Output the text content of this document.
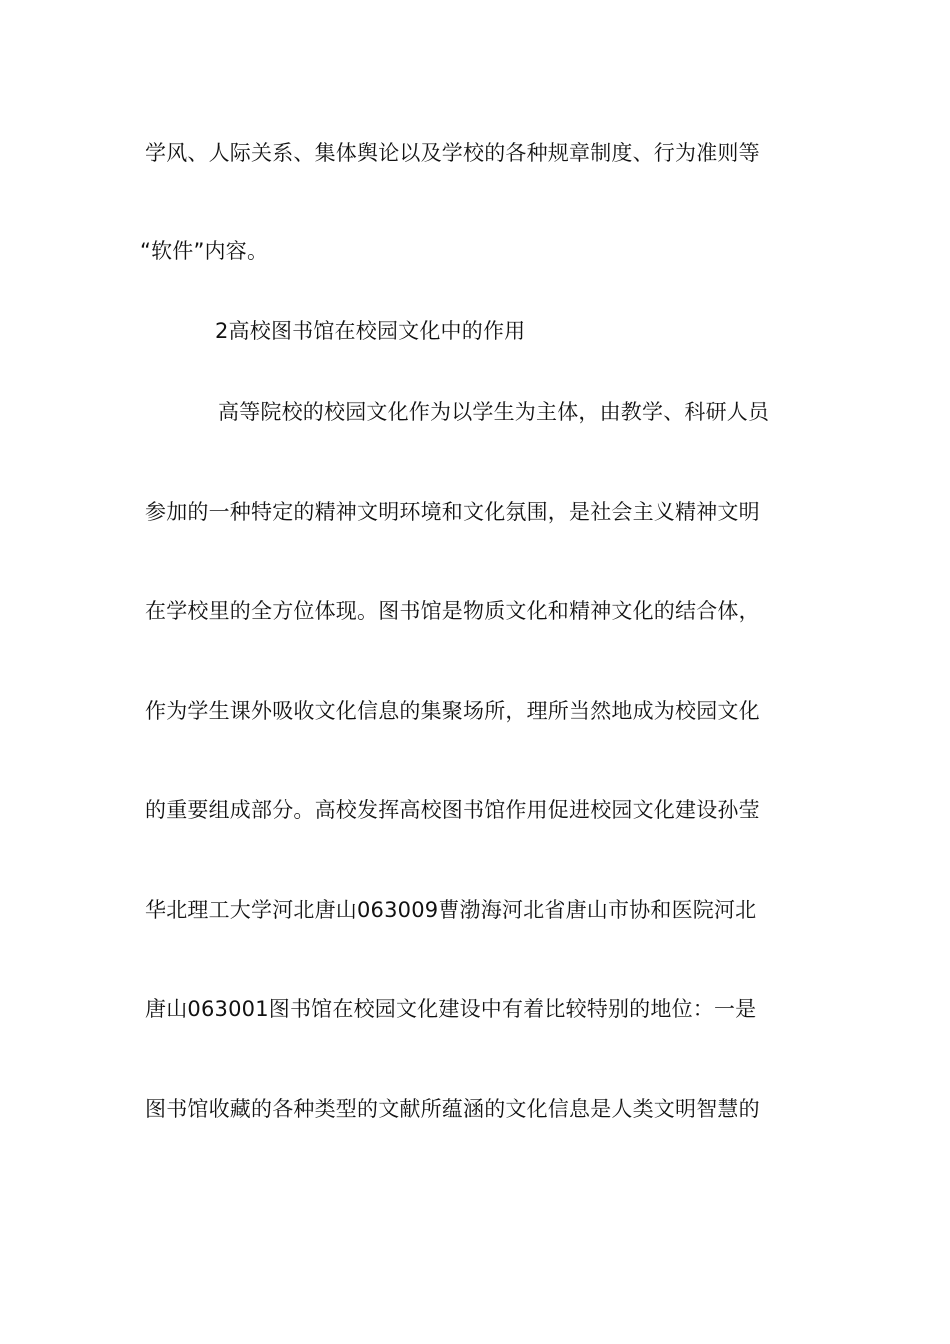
学风、人际关系、集体舆论以及学校的各种规章制度、行为准则等
“软件”内容。
2高校图书馆在校园文化中的作用
高等院校的校园文化作为以学生为主体，由教学、科研人员
参加的一种特定的精神文明环境和文化氛围，是社会主义精神文明
在学校里的全方位体现。图书馆是物质文化和精神文化的结合体，
作为学生课外吸收文化信息的集聚场所，理所当然地成为校园文化
的重要组成部分。高校发挥高校图书馆作用促进校园文化建设孙莹
华北理工大学河北唐山063009曹渤海河北省唐山市协和医院河北
唐山063001图书馆在校园文化建设中有着比较特别的地位：一是
图书馆收藏的各种类型的文献所蕴涵的文化信息是人类文明智慧的
